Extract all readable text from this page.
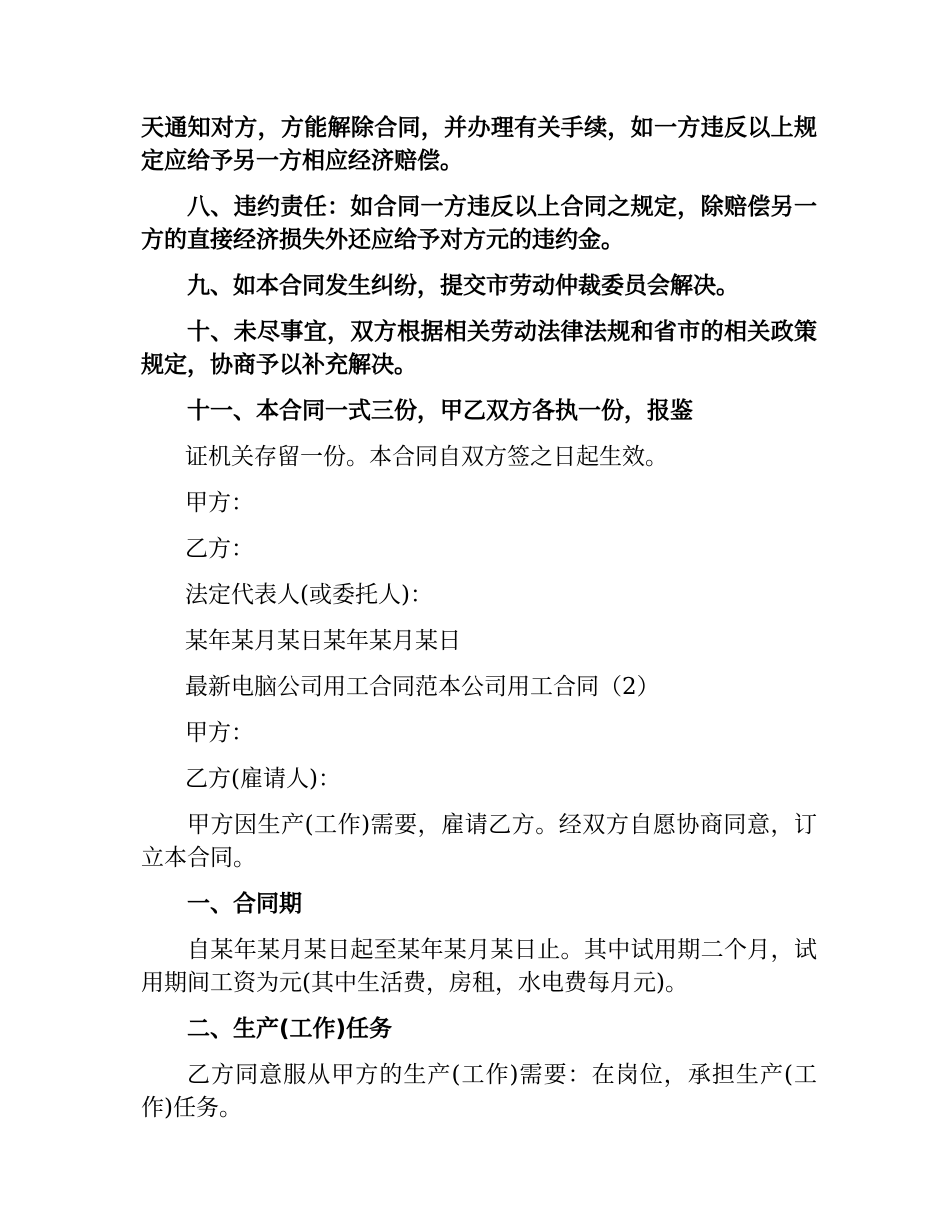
天通知对方，方能解除合同，并办理有关手续，如一方违反以上规定应给予另一方相应经济赔偿。

八、违约责任：如合同一方违反以上合同之规定，除赔偿另一方的直接经济损失外还应给予对方元的违约金。

九、如本合同发生纠纷，提交市劳动仲裁委员会解决。

十、未尽事宜，双方根据相关劳动法律法规和省市的相关政策规定，协商予以补充解决。

十一、本合同一式三份，甲乙双方各执一份，报鉴

证机关存留一份。本合同自双方签之日起生效。

甲方：

乙方：

法定代表人(或委托人)：

某年某月某日某年某月某日

最新电脑公司用工合同范本公司用工合同（2）

甲方：

乙方(雇请人)：

甲方因生产(工作)需要，雇请乙方。经双方自愿协商同意，订立本合同。

一、合同期

自某年某月某日起至某年某月某日止。其中试用期二个月，试用期间工资为元(其中生活费，房租，水电费每月元)。

二、生产(工作)任务

乙方同意服从甲方的生产(工作)需要：在岗位，承担生产(工作)任务。
